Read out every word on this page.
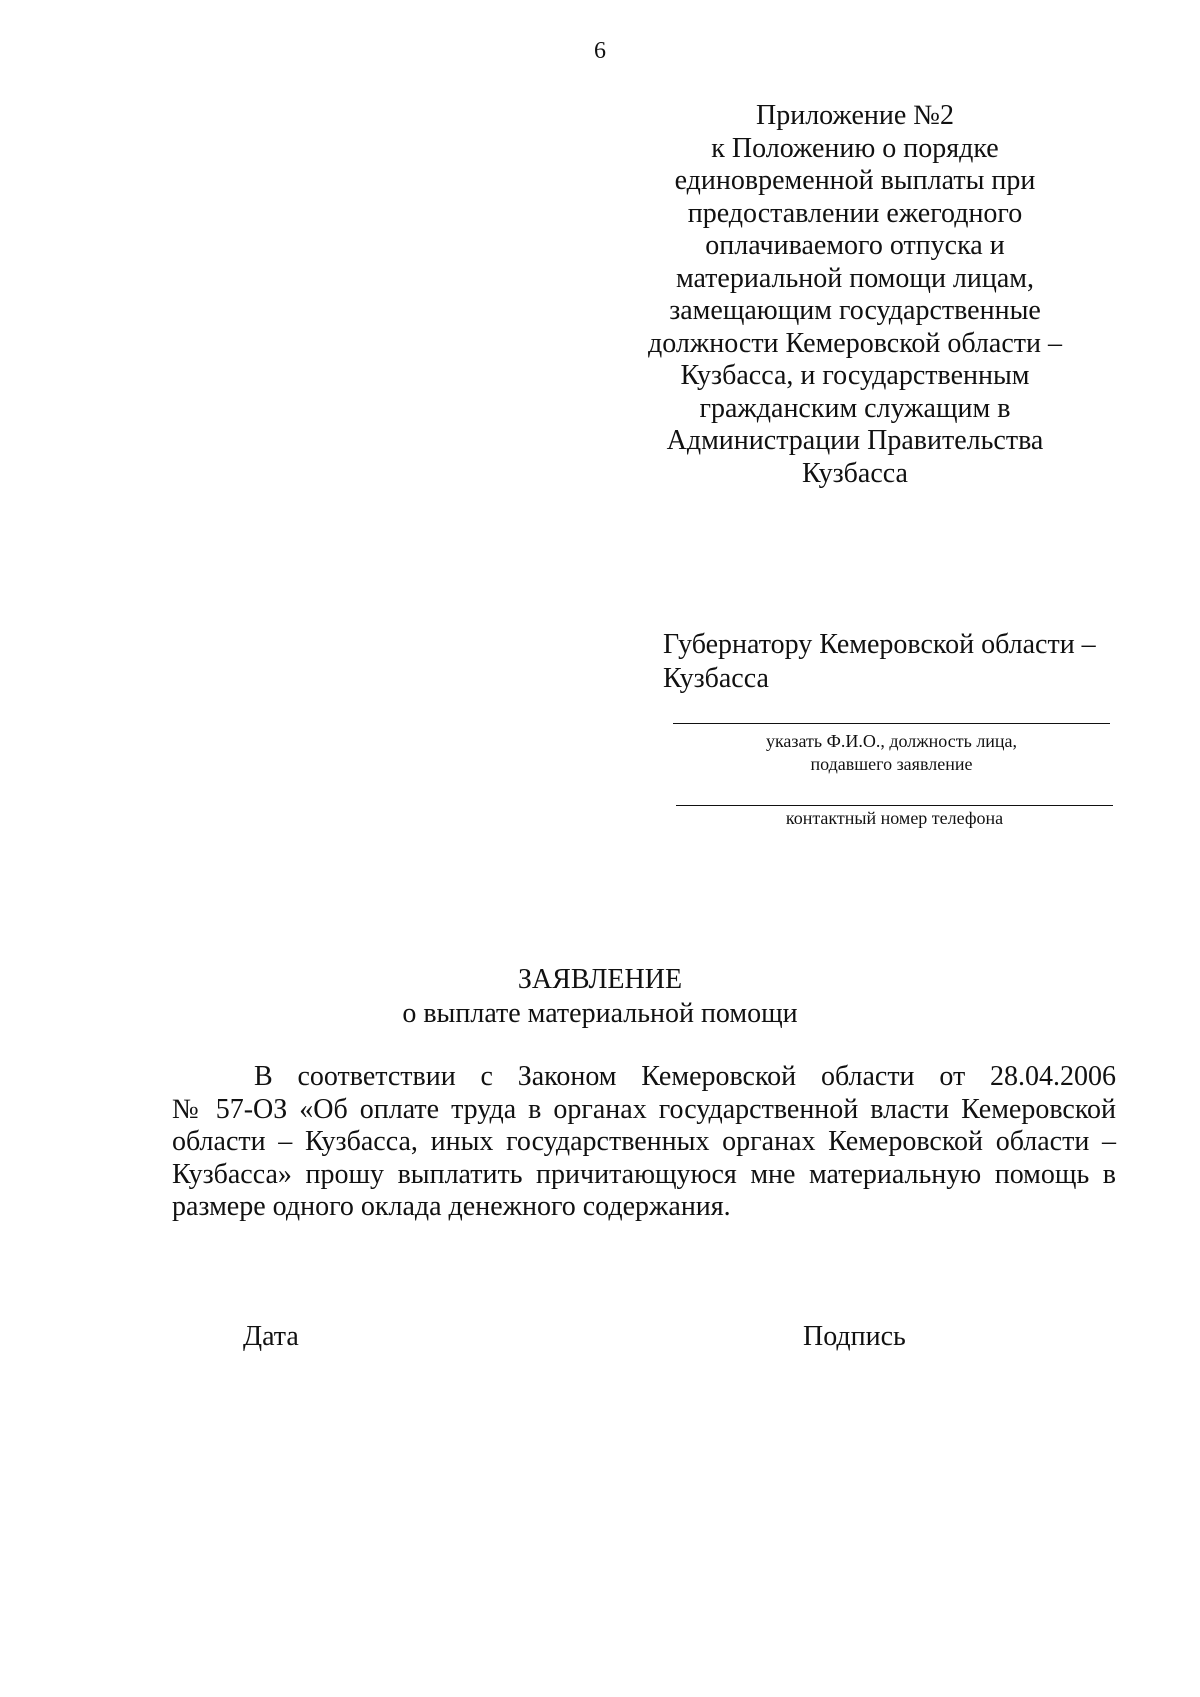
6
Приложение №2
к Положению о порядке
единовременной выплаты при
предоставлении ежегодного
оплачиваемого отпуска и
материальной помощи лицам,
замещающим государственные
должности Кемеровской области –
Кузбасса, и государственным
гражданским служащим в
Администрации Правительства
Кузбасса
Губернатору Кемеровской области –
Кузбасса
указать Ф.И.О., должность лица,
подавшего заявление
контактный номер телефона
ЗАЯВЛЕНИЕ
о выплате материальной помощи
В соответствии с Законом Кемеровской области от 28.04.2006
№ 57-ОЗ «Об оплате труда в органах государственной власти Кемеровской
области – Кузбасса, иных государственных органах Кемеровской области –
Кузбасса» прошу выплатить причитающуюся мне материальную помощь в
размере одного оклада денежного содержания.
Дата	Подпись
